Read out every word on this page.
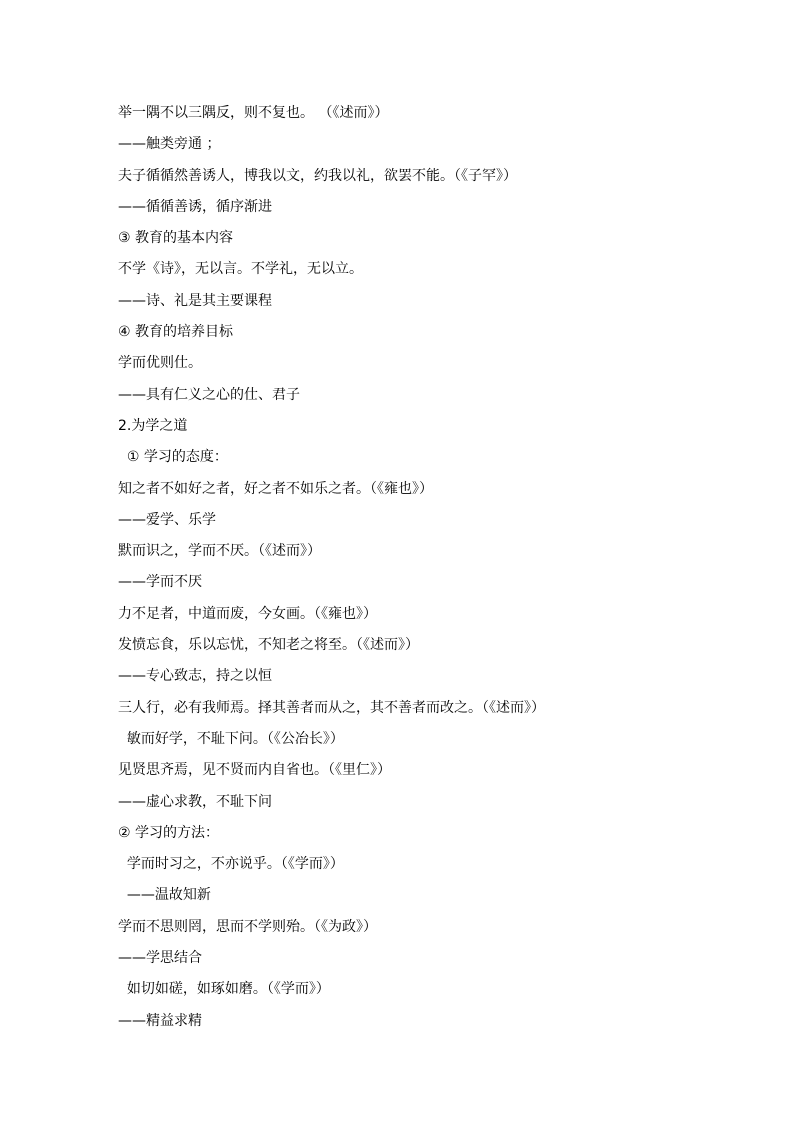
举一隅不以三隅反，则不复也。 （《述而》）
——触类旁通 ；
夫子循循然善诱人，博我以文，约我以礼，欲罢不能。（《子罕》）
——循循善诱，循序渐进
③ 教育的基本内容
不学《诗》，无以言。不学礼，无以立。
——诗、礼是其主要课程
④ 教育的培养目标
学而优则仕。
——具有仁义之心的仕、君子
2.为学之道
① 学习的态度：
知之者不如好之者，好之者不如乐之者。（《雍也》）
——爱学、乐学
默而识之，学而不厌。（《述而》）
——学而不厌
力不足者，中道而废，今女画。（《雍也》）
发愤忘食，乐以忘忧，不知老之将至。（《述而》）
——专心致志，持之以恒
三人行，必有我师焉。择其善者而从之，其不善者而改之。（《述而》）
敏而好学，不耻下问。（《公冶长》）
见贤思齐焉，见不贤而内自省也。（《里仁》）
——虚心求教，不耻下问
② 学习的方法：
学而时习之，不亦说乎。（《学而》）
——温故知新
学而不思则罔，思而不学则殆。（《为政》）
——学思结合
如切如磋，如琢如磨。（《学而》）
——精益求精
